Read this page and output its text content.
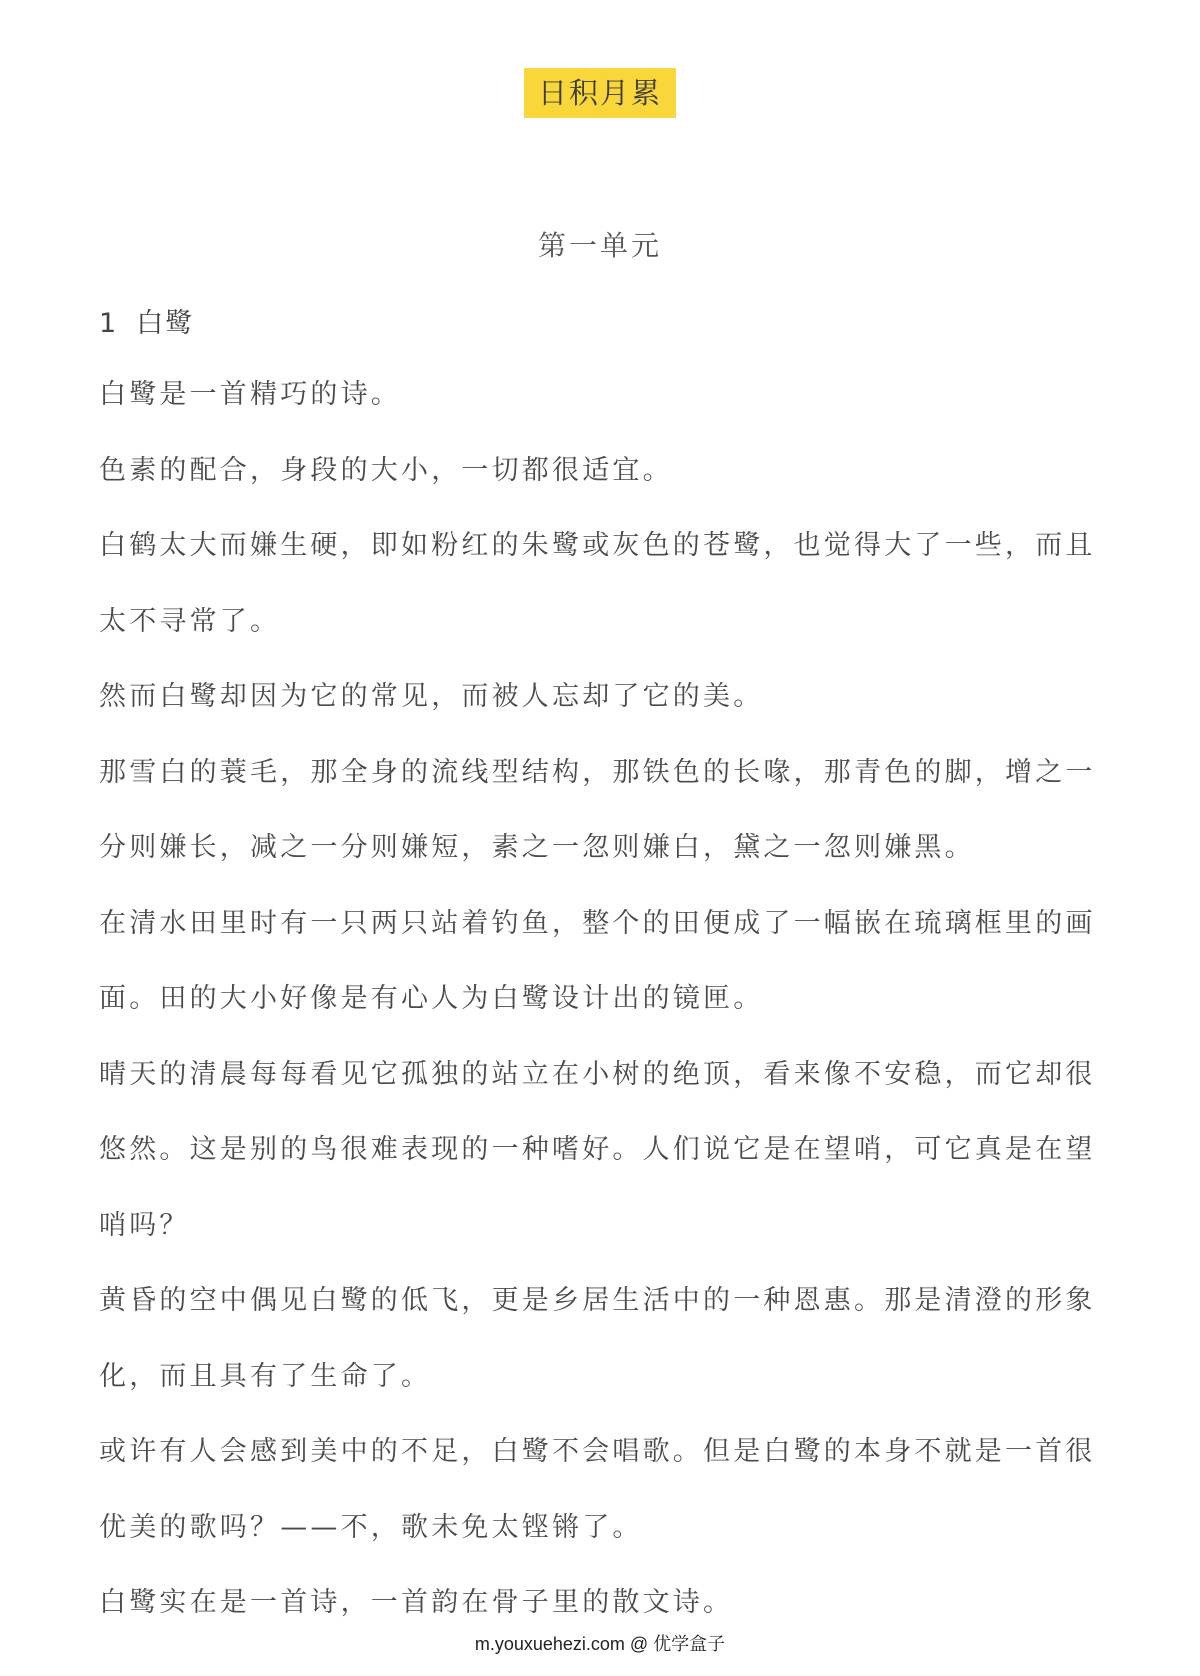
日积月累
第一单元
1 白鹭

白鹭是一首精巧的诗。

色素的配合，身段的大小，一切都很适宜。

白鹤太大而嫌生硬，即如粉红的朱鹭或灰色的苍鹭，也觉得大了一些，而且太不寻常了。

然而白鹭却因为它的常见，而被人忘却了它的美。

那雪白的蓑毛，那全身的流线型结构，那铁色的长喙，那青色的脚，增之一分则嫌长，减之一分则嫌短，素之一忽则嫌白，黛之一忽则嫌黑。

在清水田里时有一只两只站着钓鱼，整个的田便成了一幅嵌在琉璃框里的画面。田的大小好像是有心人为白鹭设计出的镜匣。

晴天的清晨每每看见它孤独的站立在小树的绝顶，看来像不安稳，而它却很悠然。这是别的鸟很难表现的一种嗜好。人们说它是在望哨，可它真是在望哨吗？

黄昏的空中偶见白鹭的低飞，更是乡居生活中的一种恩惠。那是清澄的形象化，而且具有了生命了。

或许有人会感到美中的不足，白鹭不会唱歌。但是白鹭的本身不就是一首很优美的歌吗？——不，歌未免太铿锵了。

白鹭实在是一首诗，一首韵在骨子里的散文诗。

m.youxuehezi.com @ 优学盒子
